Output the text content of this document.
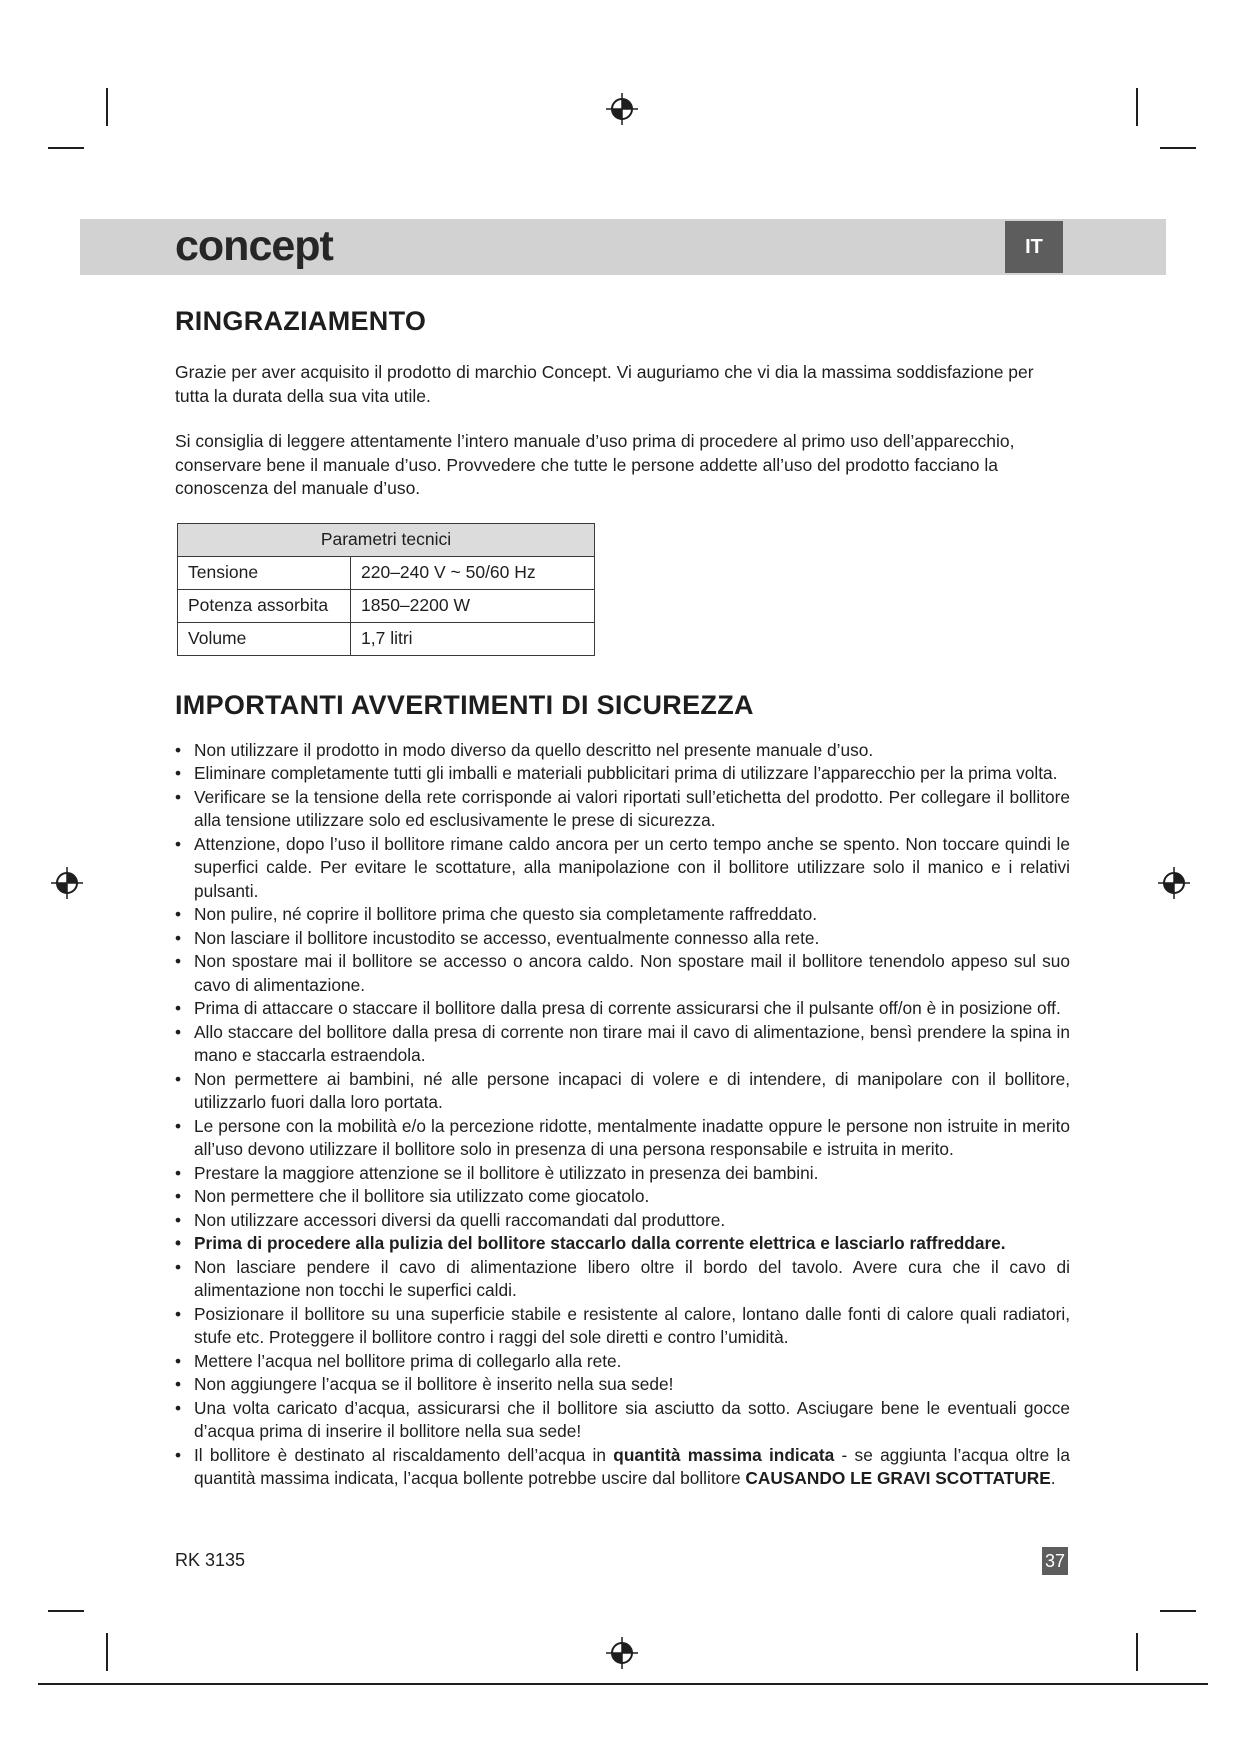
concept	IT
RINGRAZIAMENTO

Grazie per aver acquisito il prodotto di marchio Concept. Vi auguriamo che vi dia la massima soddisfazione per tutta la durata della sua vita utile.

Si consiglia di leggere attentamente l’intero manuale d’uso prima di procedere al primo uso dell’apparecchio, conservare bene il manuale d’uso. Provvedere che tutte le persone addette all’uso del prodotto facciano la conoscenza del manuale d’uso.

Parametri tecnici	
Tensione	220–240 V ~ 50/60 Hz
Potenza assorbita	1850–2200 W
Volume	1,7 litri
IMPORTANTI AVVERTIMENTI DI SICUREZZA
• Non utilizzare il prodotto in modo diverso da quello descritto nel presente manuale d’uso.
• Eliminare completamente tutti gli imballi e materiali pubblicitari prima di utilizzare l’apparecchio per la prima volta.
• Verificare se la tensione della rete corrisponde ai valori riportati sull’etichetta del prodotto. Per collegare il bollitore alla tensione utilizzare solo ed esclusivamente le prese di sicurezza.
• Attenzione, dopo l’uso il bollitore rimane caldo ancora per un certo tempo anche se spento. Non toccare quindi le superfici calde. Per evitare le scottature, alla manipolazione con il bollitore utilizzare solo il manico e i relativi pulsanti.
• Non pulire, né coprire il bollitore prima che questo sia completamente raffreddato.
• Non lasciare il bollitore incustodito se accesso, eventualmente connesso alla rete.
• Non spostare mai il bollitore se accesso o ancora caldo. Non spostare mail il bollitore tenendolo appeso sul suo cavo di alimentazione.
• Prima di attaccare o staccare il bollitore dalla presa di corrente assicurarsi che il pulsante off/on è in posizione off.
• Allo staccare del bollitore dalla presa di corrente non tirare mai il cavo di alimentazione, bensì prendere la spina in mano e staccarla estraendola.
• Non permettere ai bambini, né alle persone incapaci di volere e di intendere, di manipolare con il bollitore, utilizzarlo fuori dalla loro portata.
• Le persone con la mobilità e/o la percezione ridotte, mentalmente inadatte oppure le persone non istruite in merito all’uso devono utilizzare il bollitore solo in presenza di una persona responsabile e istruita in merito.
• Prestare la maggiore attenzione se il bollitore è utilizzato in presenza dei bambini.
• Non permettere che il bollitore sia utilizzato come giocatolo.
• Non utilizzare accessori diversi da quelli raccomandati dal produttore.
• Prima di procedere alla pulizia del bollitore staccarlo dalla corrente elettrica e lasciarlo raffreddare.
• Non lasciare pendere il cavo di alimentazione libero oltre il bordo del tavolo. Avere cura che il cavo di alimentazione non tocchi le superfici caldi.
• Posizionare il bollitore su una superficie stabile e resistente al calore, lontano dalle fonti di calore quali radiatori, stufe etc. Proteggere il bollitore contro i raggi del sole diretti e contro l’umidità.
• Mettere l’acqua nel bollitore prima di collegarlo alla rete.
• Non aggiungere l’acqua se il bollitore è inserito nella sua sede!
• Una volta caricato d’acqua, assicurarsi che il bollitore sia asciutto da sotto. Asciugare bene le eventuali gocce d’acqua prima di inserire il bollitore nella sua sede!
• Il bollitore è destinato al riscaldamento dell’acqua in quantità massima indicata - se aggiunta l’acqua oltre la quantità massima indicata, l’acqua bollente potrebbe uscire dal bollitore CAUSANDO LE GRAVI SCOTTATURE.
RK 3135	37
